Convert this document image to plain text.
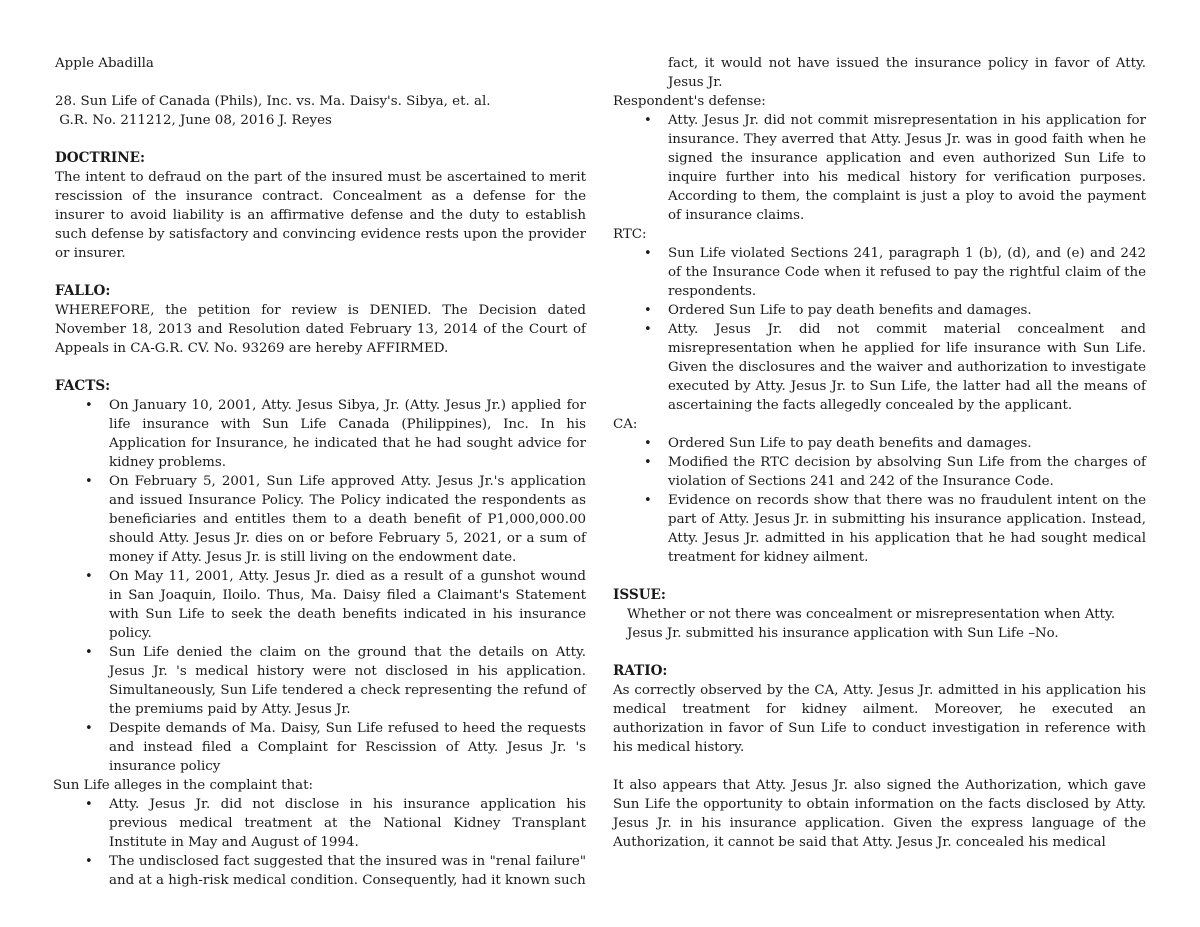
Apple Abadilla

28. Sun Life of Canada (Phils), Inc. vs. Ma. Daisy's. Sibya, et. al.

G.R. No. 211212, June 08, 2016 J. Reyes

DOCTRINE:

The intent to defraud on the part of the insured must be ascertained to merit rescission of the insurance contract. Concealment as a defense for the insurer to avoid liability is an affirmative defense and the duty to establish such defense by satisfactory and convincing evidence rests upon the provider or insurer.

FALLO:

WHEREFORE, the petition for review is DENIED. The Decision dated November 18, 2013 and Resolution dated February 13, 2014 of the Court of Appeals in CA-G.R. CV. No. 93269 are hereby AFFIRMED.

FACTS:

• On January 10, 2001, Atty. Jesus Sibya, Jr. (Atty. Jesus Jr.) applied for life insurance with Sun Life Canada (Philippines), Inc. In his Application for Insurance, he indicated that he had sought advice for kidney problems.
• On February 5, 2001, Sun Life approved Atty. Jesus Jr.'s application and issued Insurance Policy. The Policy indicated the respondents as beneficiaries and entitles them to a death benefit of P1,000,000.00 should Atty. Jesus Jr. dies on or before February 5, 2021, or a sum of money if Atty. Jesus Jr. is still living on the endowment date.
• On May 11, 2001, Atty. Jesus Jr. died as a result of a gunshot wound in San Joaquin, Iloilo. Thus, Ma. Daisy filed a Claimant's Statement with Sun Life to seek the death benefits indicated in his insurance policy.
• Sun Life denied the claim on the ground that the details on Atty. Jesus Jr. 's medical history were not disclosed in his application. Simultaneously, Sun Life tendered a check representing the refund of the premiums paid by Atty. Jesus Jr.
• Despite demands of Ma. Daisy, Sun Life refused to heed the requests and instead filed a Complaint for Rescission of Atty. Jesus Jr. 's insurance policy

Sun Life alleges in the complaint that:

• Atty. Jesus Jr. did not disclose in his insurance application his previous medical treatment at the National Kidney Transplant Institute in May and August of 1994.
• The undisclosed fact suggested that the insured was in "renal failure" and at a high-risk medical condition. Consequently, had it known such

fact, it would not have issued the insurance policy in favor of Atty. Jesus Jr.

Respondent's defense:

• Atty. Jesus Jr. did not commit misrepresentation in his application for insurance. They averred that Atty. Jesus Jr. was in good faith when he signed the insurance application and even authorized Sun Life to inquire further into his medical history for verification purposes. According to them, the complaint is just a ploy to avoid the payment of insurance claims.

RTC:

• Sun Life violated Sections 241, paragraph 1 (b), (d), and (e) and 242 of the Insurance Code when it refused to pay the rightful claim of the respondents.
• Ordered Sun Life to pay death benefits and damages.
• Atty. Jesus Jr. did not commit material concealment and misrepresentation when he applied for life insurance with Sun Life. Given the disclosures and the waiver and authorization to investigate executed by Atty. Jesus Jr. to Sun Life, the latter had all the means of ascertaining the facts allegedly concealed by the applicant.

CA:

• Ordered Sun Life to pay death benefits and damages.
• Modified the RTC decision by absolving Sun Life from the charges of violation of Sections 241 and 242 of the Insurance Code.
• Evidence on records show that there was no fraudulent intent on the part of Atty. Jesus Jr. in submitting his insurance application. Instead, Atty. Jesus Jr. admitted in his application that he had sought medical treatment for kidney ailment.

ISSUE:

Whether or not there was concealment or misrepresentation when Atty.

Jesus Jr. submitted his insurance application with Sun Life –No.

RATIO:

As correctly observed by the CA, Atty. Jesus Jr. admitted in his application his medical treatment for kidney ailment. Moreover, he executed an authorization in favor of Sun Life to conduct investigation in reference with his medical history.

It also appears that Atty. Jesus Jr. also signed the Authorization, which gave Sun Life the opportunity to obtain information on the facts disclosed by Atty. Jesus Jr. in his insurance application. Given the express language of the Authorization, it cannot be said that Atty. Jesus Jr. concealed his medical
